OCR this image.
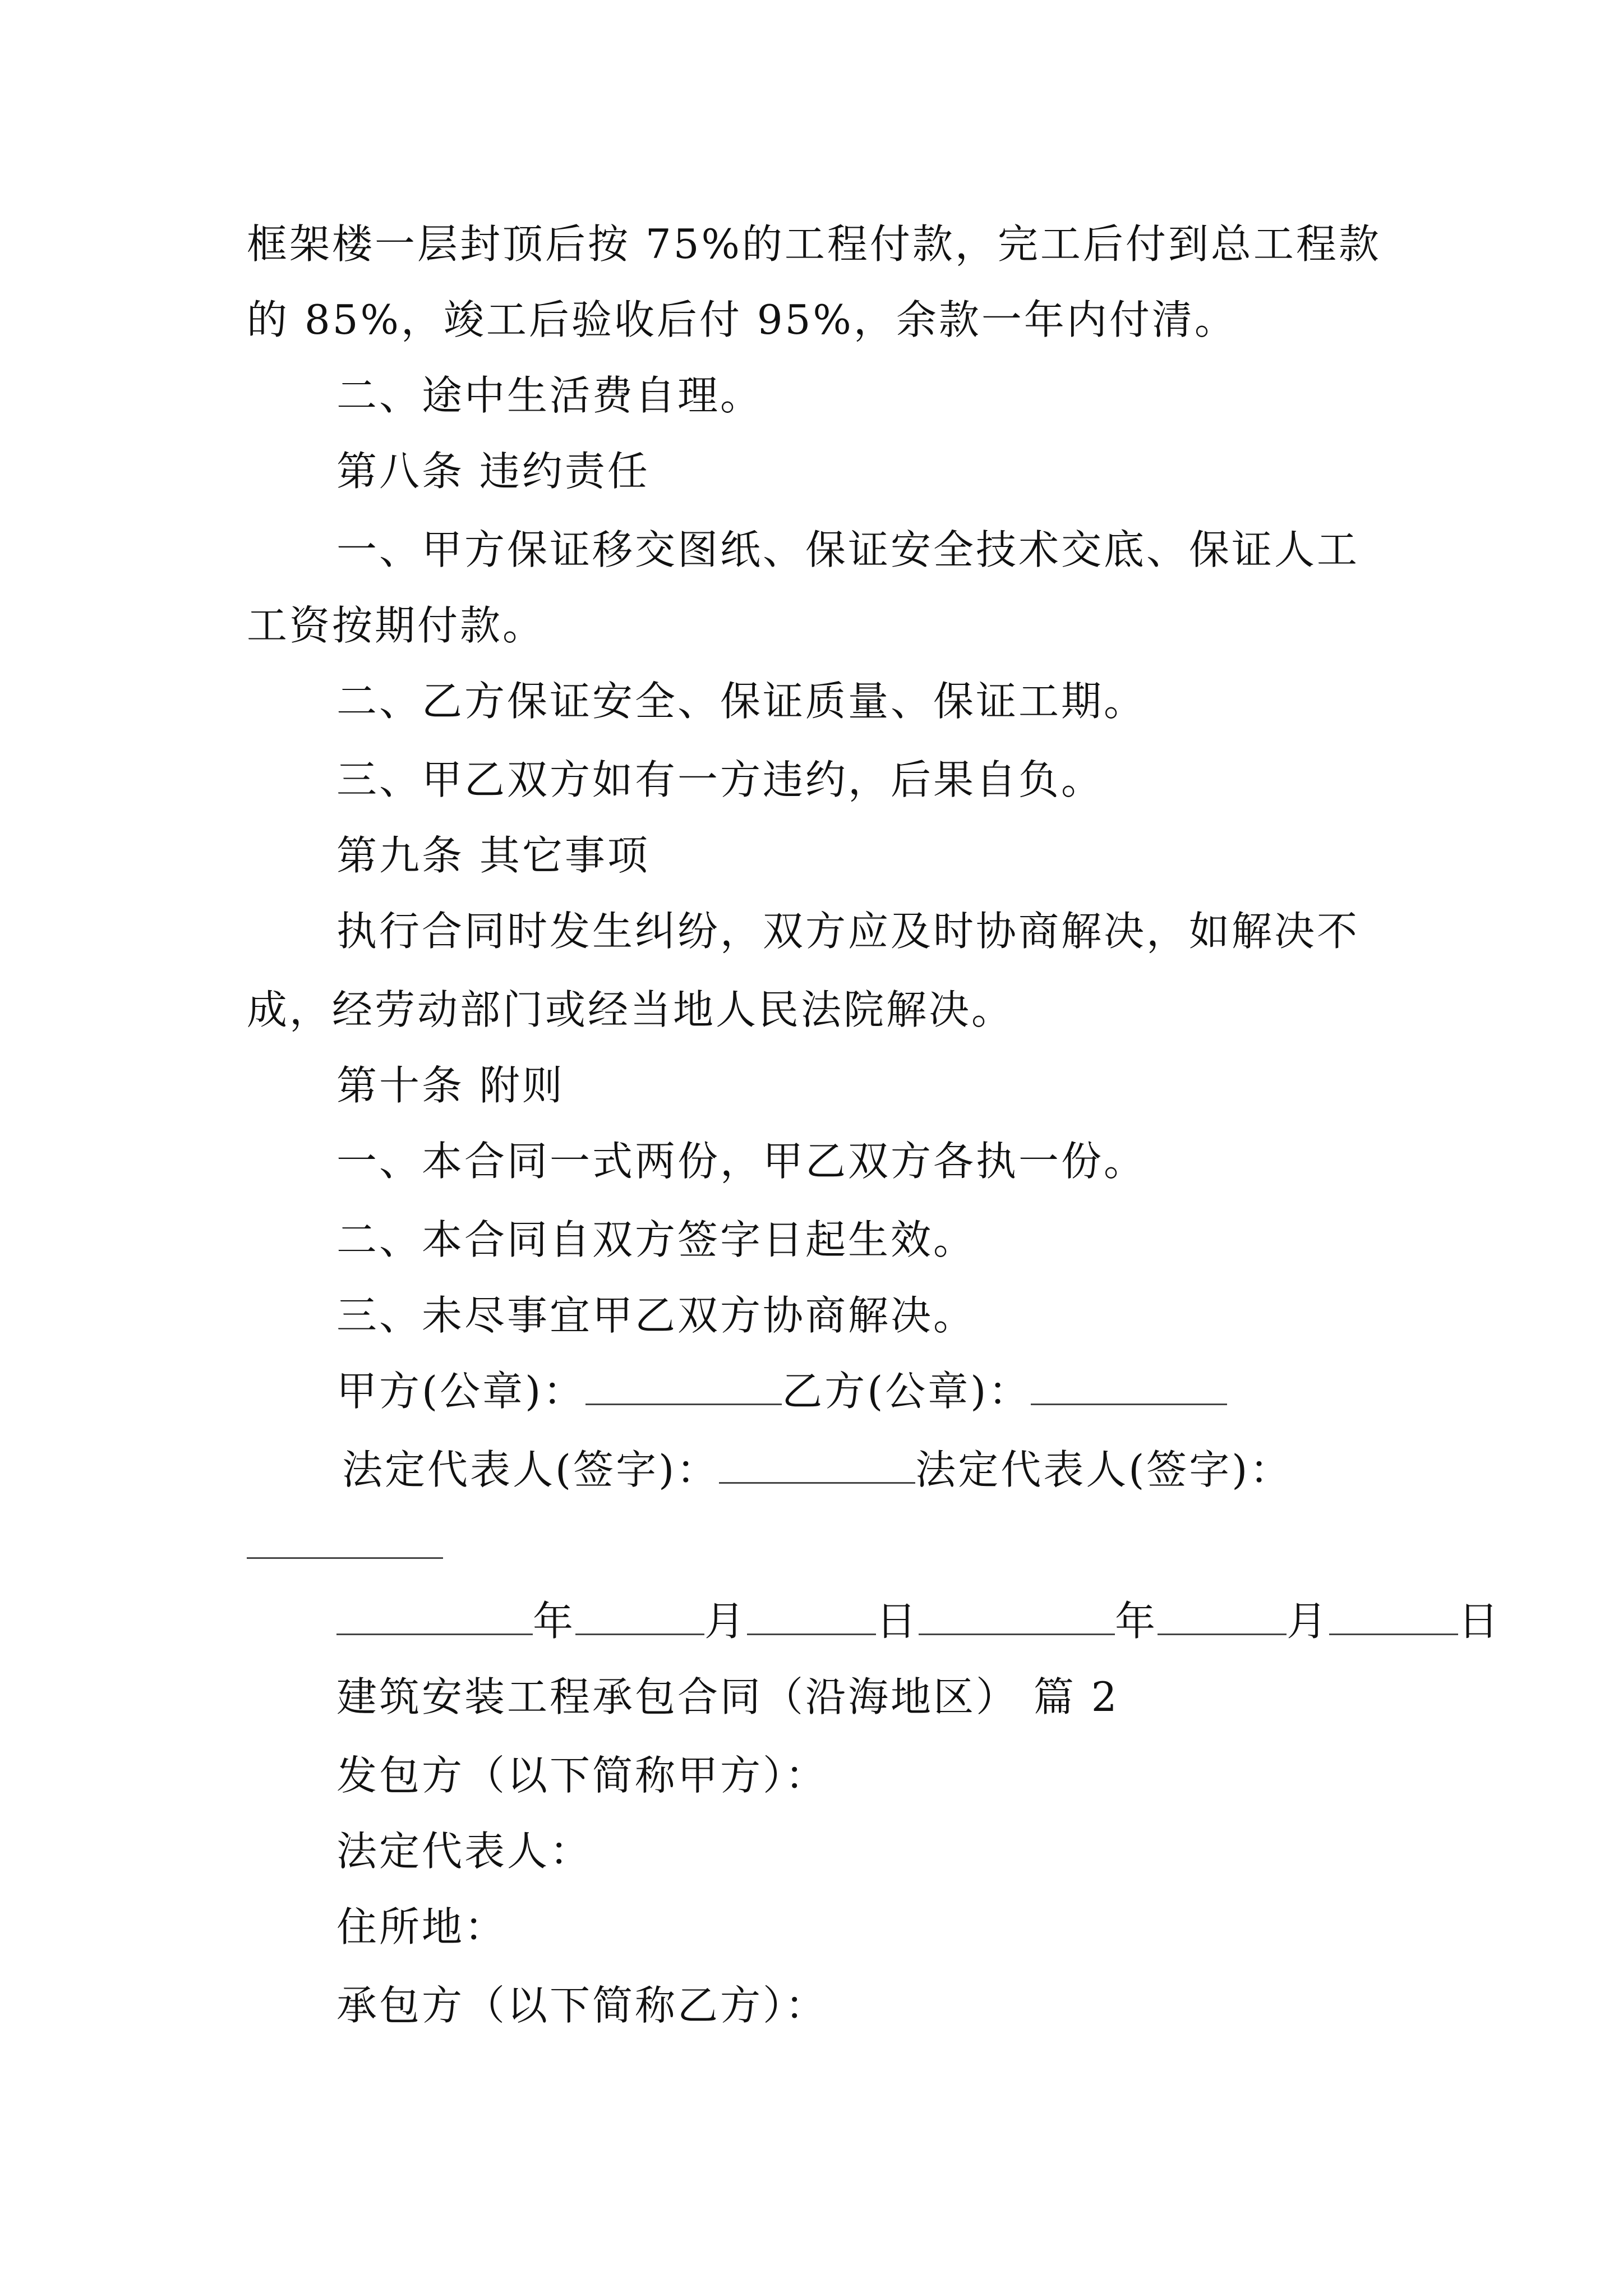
框架楼一层封顶后按 75%的工程付款，完工后付到总工程款
的 85%，竣工后验收后付 95%，余款一年内付清。
二、途中生活费自理。
第八条 违约责任
一、甲方保证移交图纸、保证安全技术交底、保证人工
工资按期付款。
二、乙方保证安全、保证质量、保证工期。
三、甲乙双方如有一方违约，后果自负。
第九条 其它事项
执行合同时发生纠纷，双方应及时协商解决，如解决不
成，经劳动部门或经当地人民法院解决。
第十条 附则
一、本合同一式两份，甲乙双方各执一份。
二、本合同自双方签字日起生效。
三、未尽事宜甲乙双方协商解决。
甲方(公章)：	乙方(公章)：
法定代表人(签字)：	法定代表人(签字)：
年	月	日	年	月	日
建筑安装工程承包合同（沿海地区） 篇 2
发包方（以下简称甲方）：
法定代表人：
住所地：
承包方（以下简称乙方）：
